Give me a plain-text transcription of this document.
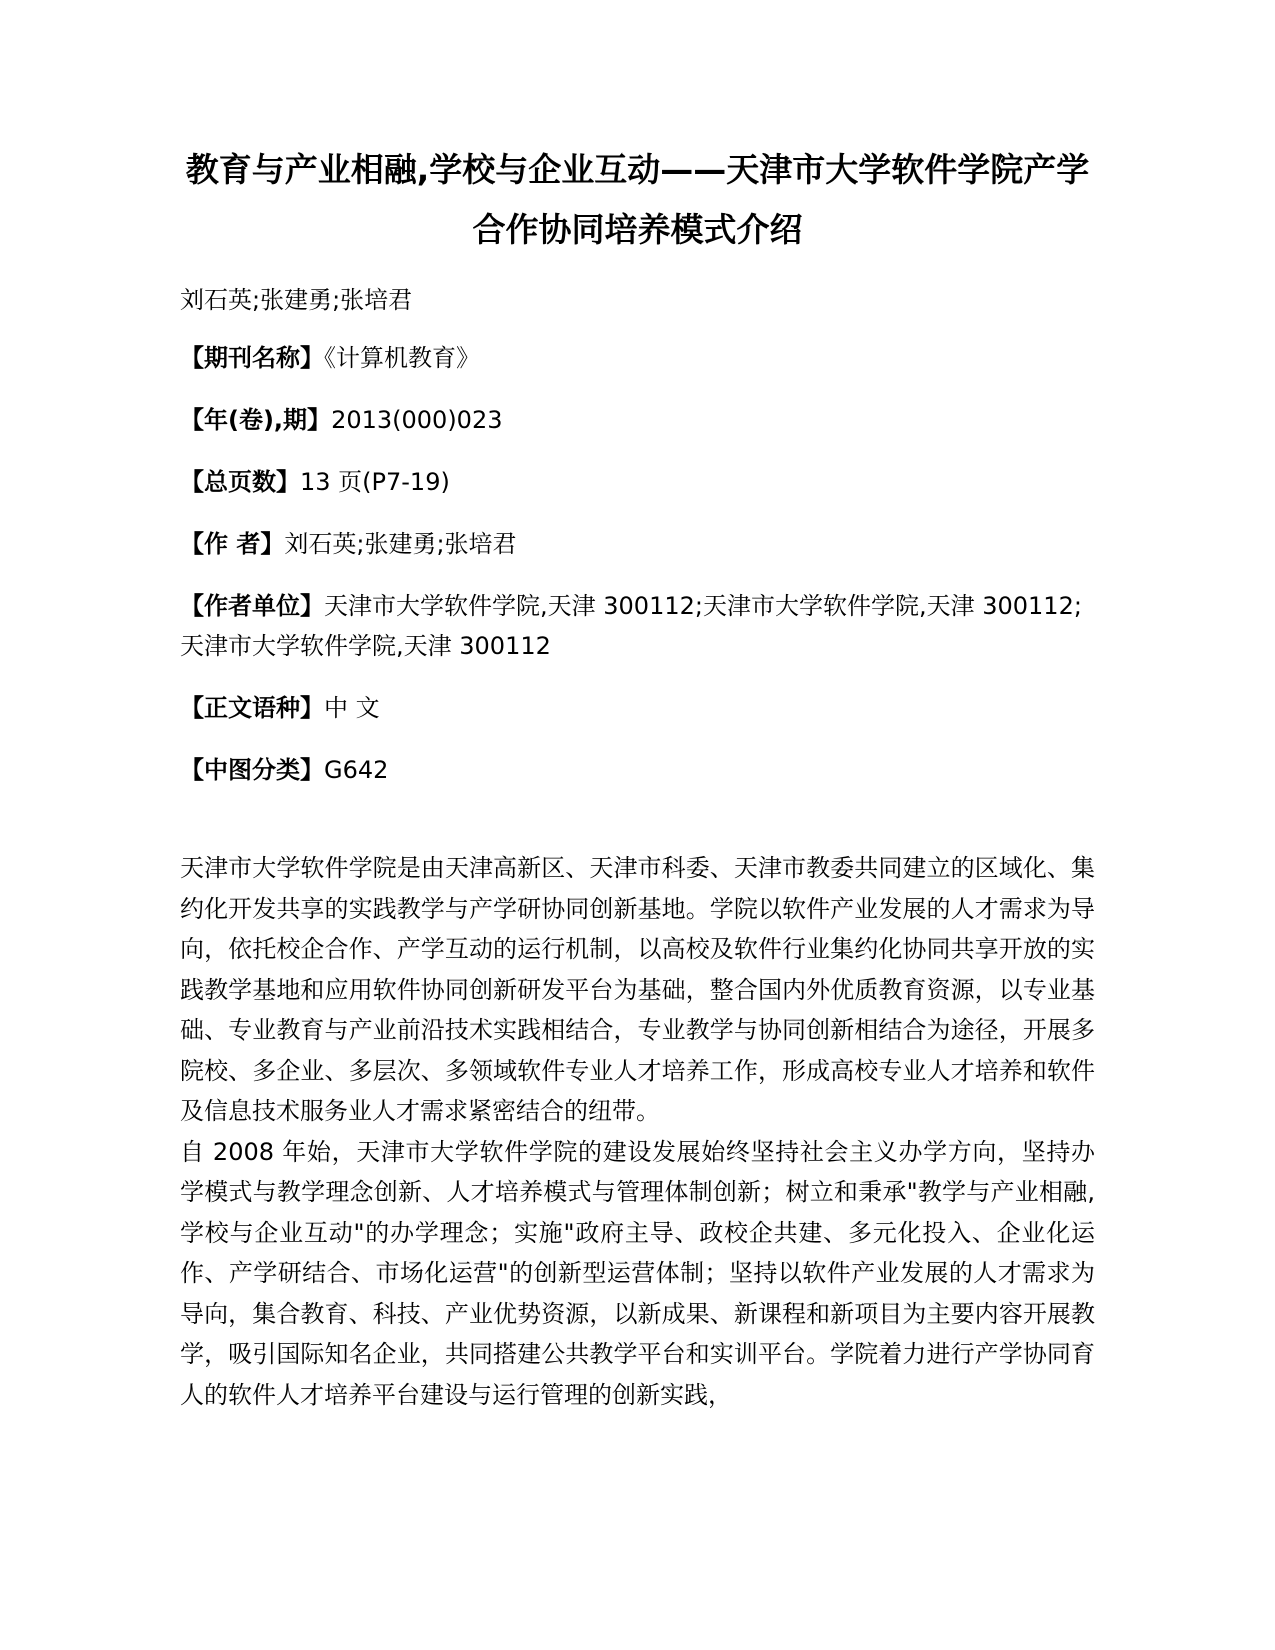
教育与产业相融,学校与企业互动——天津市大学软件学院产学合作协同培养模式介绍
刘石英;张建勇;张培君
【期刊名称】《计算机教育》
【年(卷),期】2013(000)023
【总页数】13 页(P7-19)
【作 者】刘石英;张建勇;张培君
【作者单位】天津市大学软件学院,天津 300112;天津市大学软件学院,天津 300112;天津市大学软件学院,天津 300112
【正文语种】中 文
【中图分类】G642

天津市大学软件学院是由天津高新区、天津市科委、天津市教委共同建立的区域化、集约化开发共享的实践教学与产学研协同创新基地。学院以软件产业发展的人才需求为导向，依托校企合作、产学互动的运行机制，以高校及软件行业集约化协同共享开放的实践教学基地和应用软件协同创新研发平台为基础，整合国内外优质教育资源，以专业基础、专业教育与产业前沿技术实践相结合，专业教学与协同创新相结合为途径，开展多院校、多企业、多层次、多领域软件专业人才培养工作，形成高校专业人才培养和软件及信息技术服务业人才需求紧密结合的纽带。

自 2008 年始，天津市大学软件学院的建设发展始终坚持社会主义办学方向，坚持办学模式与教学理念创新、人才培养模式与管理体制创新；树立和秉承"教学与产业相融,学校与企业互动"的办学理念；实施"政府主导、政校企共建、多元化投入、企业化运作、产学研结合、市场化运营"的创新型运营体制；坚持以软件产业发展的人才需求为导向，集合教育、科技、产业优势资源，以新成果、新课程和新项目为主要内容开展教学，吸引国际知名企业，共同搭建公共教学平台和实训平台。学院着力进行产学协同育人的软件人才培养平台建设与运行管理的创新实践，
